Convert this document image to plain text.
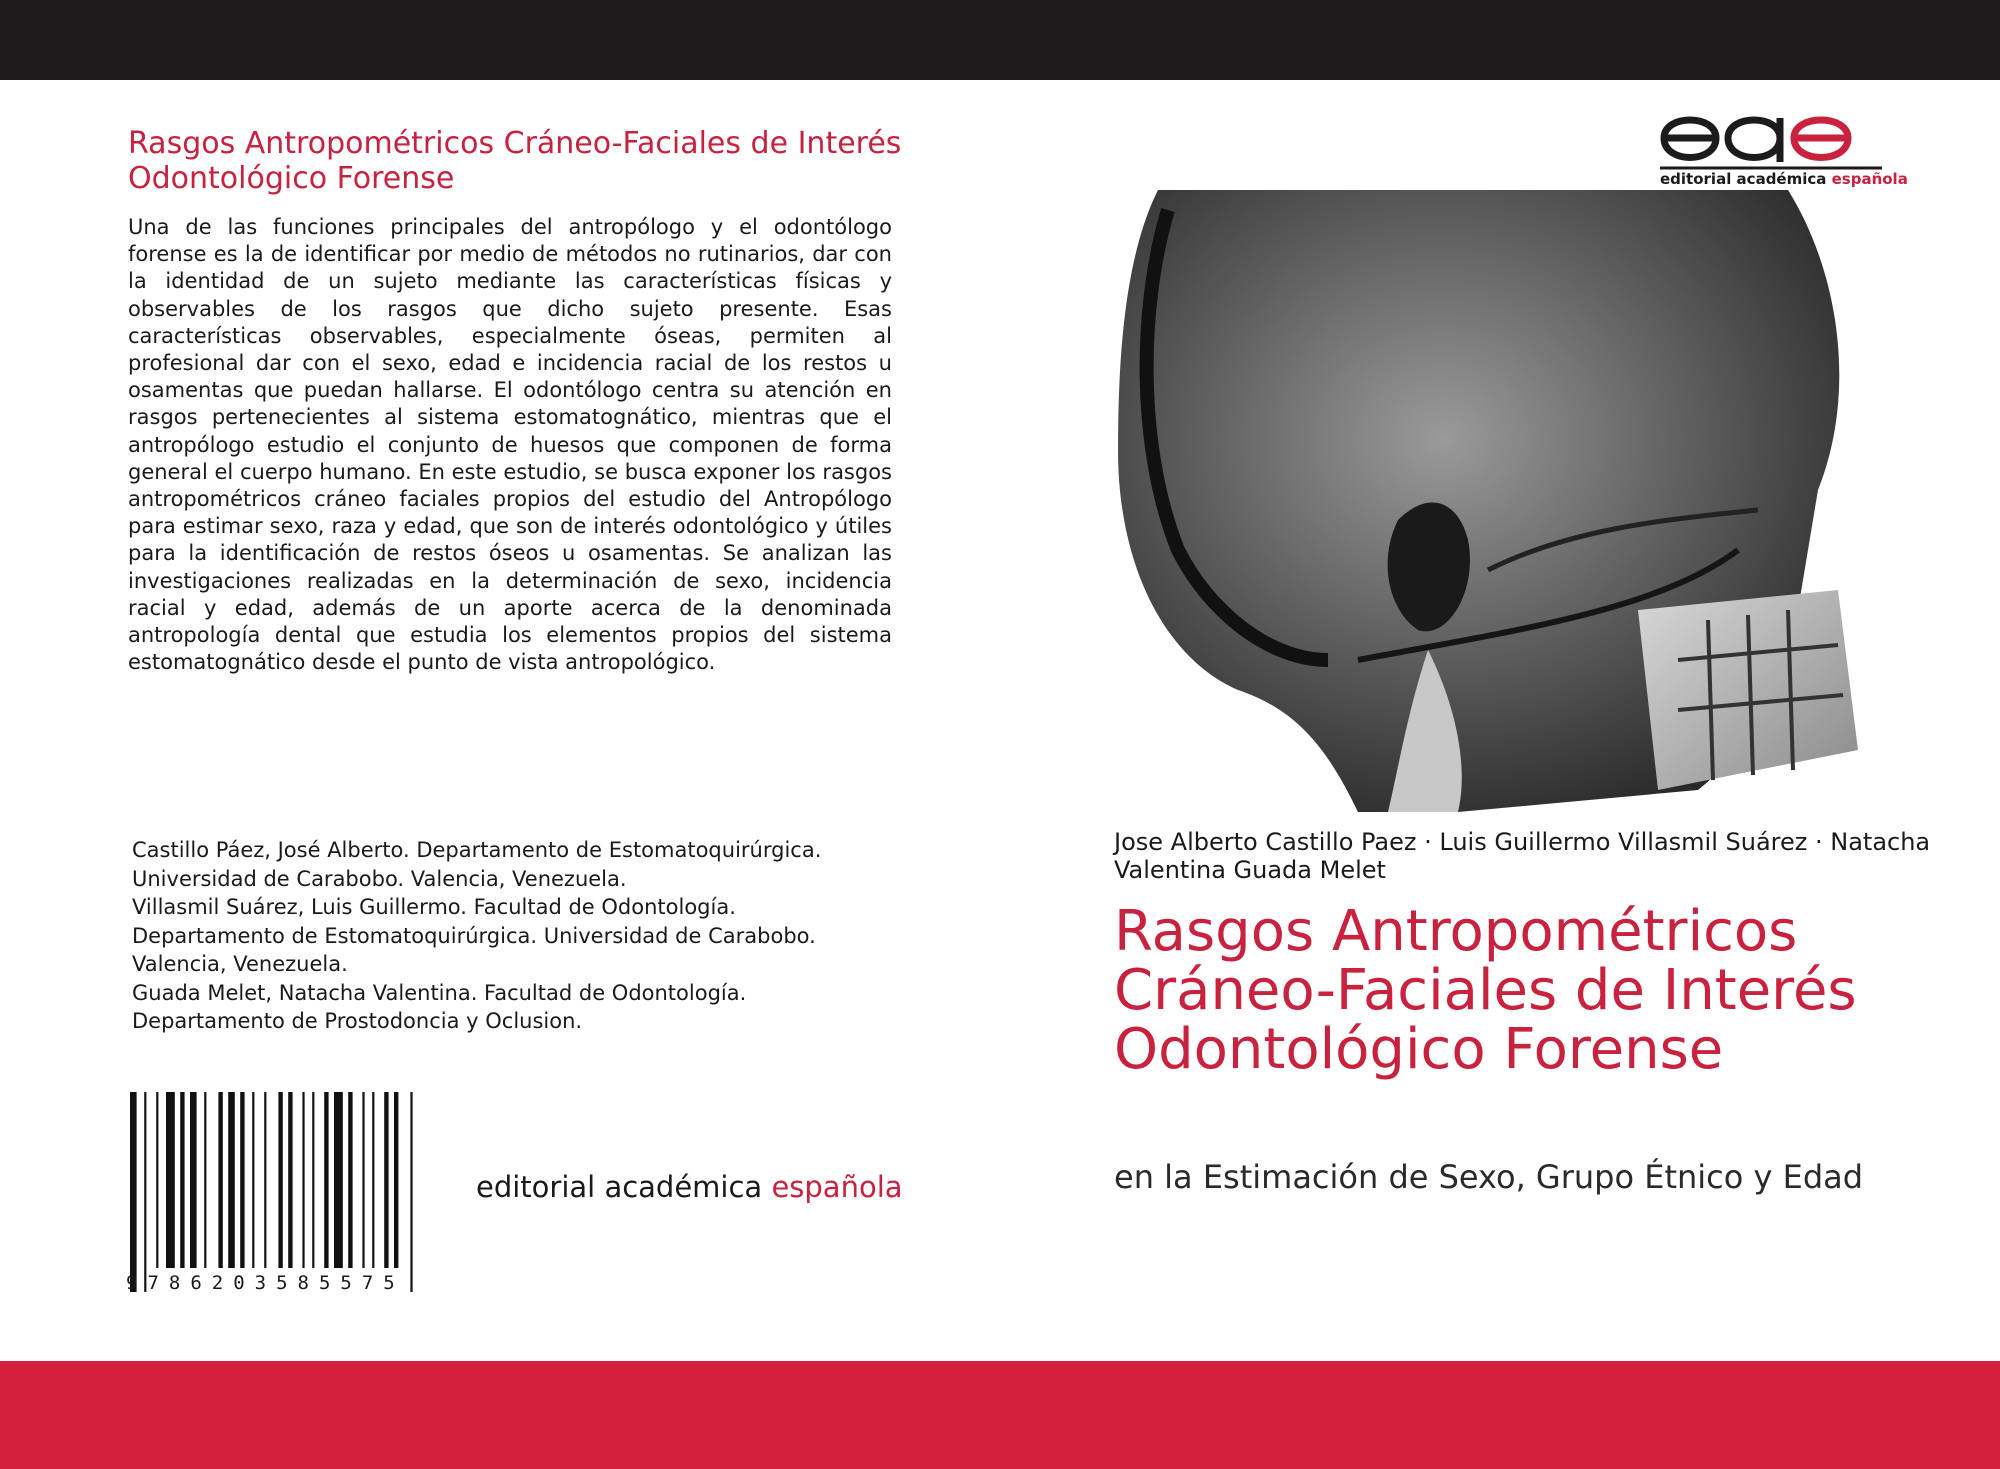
Rasgos Antropométricos Cráneo-Faciales de Interés Odontológico Forense

Una de las funciones principales del antropólogo y el odontólogo forense es la de identificar por medio de métodos no rutinarios, dar con la identidad de un sujeto mediante las características físicas y observables de los rasgos que dicho sujeto presente. Esas características observables, especialmente óseas, permiten al profesional dar con el sexo, edad e incidencia racial de los restos u osamentas que puedan hallarse. El odontólogo centra su atención en rasgos pertenecientes al sistema estomatognático, mientras que el antropólogo estudio el conjunto de huesos que componen de forma general el cuerpo humano. En este estudio, se busca exponer los rasgos antropométricos cráneo faciales propios del estudio del Antropólogo para estimar sexo, raza y edad, que son de interés odontológico y útiles para la identificación de restos óseos u osamentas. Se analizan las investigaciones realizadas en la determinación de sexo, incidencia racial y edad, además de un aporte acerca de la denominada antropología dental que estudia los elementos propios del sistema estomatognático desde el punto de vista antropológico.

Castillo Páez, José Alberto. Departamento de Estomatoquirúrgica.
Universidad de Carabobo. Valencia, Venezuela.
Villasmil Suárez, Luis Guillermo. Facultad de Odontología.
Departamento de Estomatoquirúrgica. Universidad de Carabobo.
Valencia, Venezuela.
Guada Melet, Natacha Valentina. Facultad de Odontología.
Departamento de Prostodoncia y Oclusion.
9786203585575
editorial académica española
editorial académica española

Jose Alberto Castillo Paez · Luis Guillermo Villasmil Suárez · Natacha Valentina Guada Melet

Rasgos Antropométricos Cráneo-Faciales de Interés Odontológico Forense

en la Estimación de Sexo, Grupo Étnico y Edad
